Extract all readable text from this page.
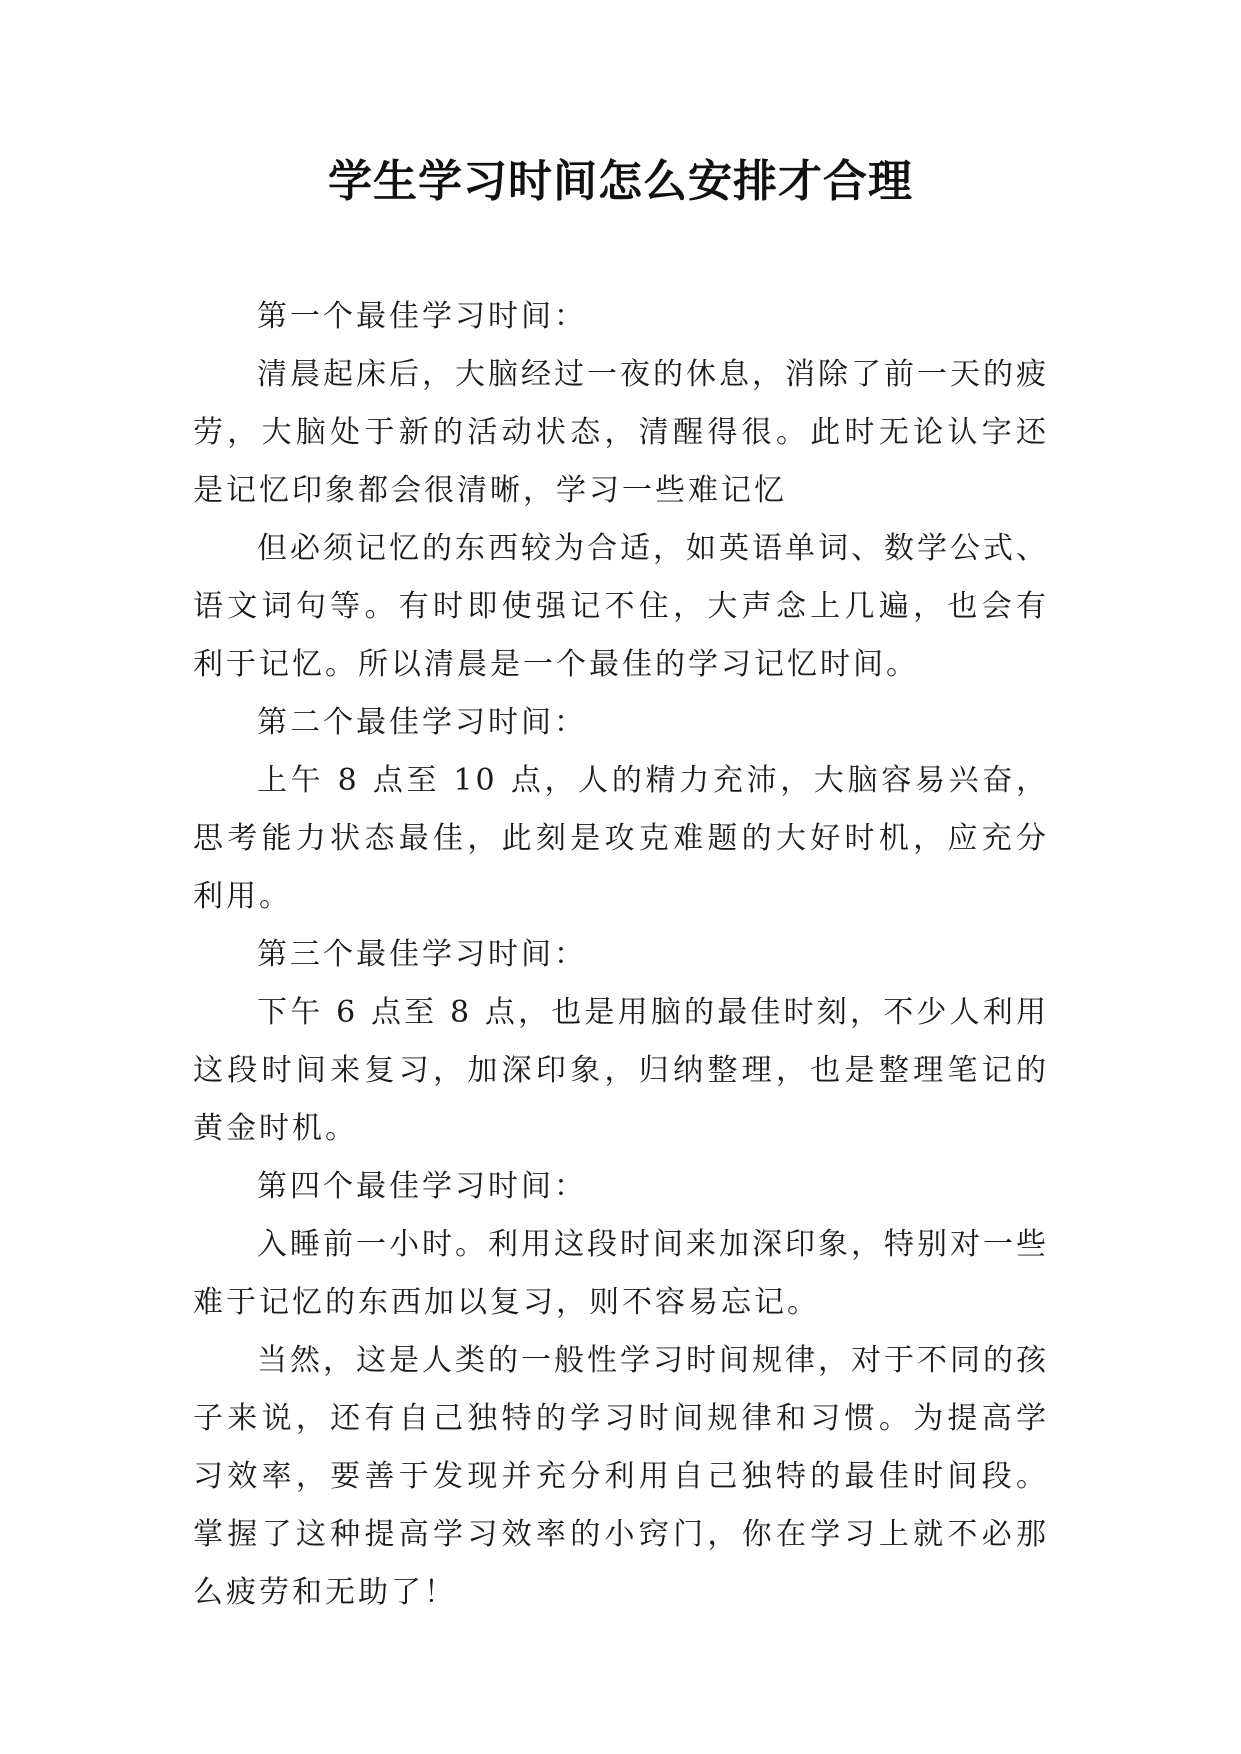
学生学习时间怎么安排才合理

第一个最佳学习时间：

清晨起床后，大脑经过一夜的休息，消除了前一天的疲劳，大脑处于新的活动状态，清醒得很。此时无论认字还是记忆印象都会很清晰，学习一些难记忆

但必须记忆的东西较为合适，如英语单词、数学公式、语文词句等。有时即使强记不住，大声念上几遍，也会有利于记忆。所以清晨是一个最佳的学习记忆时间。

第二个最佳学习时间：

上午 8 点至 10 点，人的精力充沛，大脑容易兴奋，思考能力状态最佳，此刻是攻克难题的大好时机，应充分利用。

第三个最佳学习时间：

下午 6 点至 8 点，也是用脑的最佳时刻，不少人利用这段时间来复习，加深印象，归纳整理，也是整理笔记的黄金时机。

第四个最佳学习时间：

入睡前一小时。利用这段时间来加深印象，特别对一些难于记忆的东西加以复习，则不容易忘记。

当然，这是人类的一般性学习时间规律，对于不同的孩子来说，还有自己独特的学习时间规律和习惯。为提高学习效率，要善于发现并充分利用自己独特的最佳时间段。掌握了这种提高学习效率的小窍门，你在学习上就不必那么疲劳和无助了！
